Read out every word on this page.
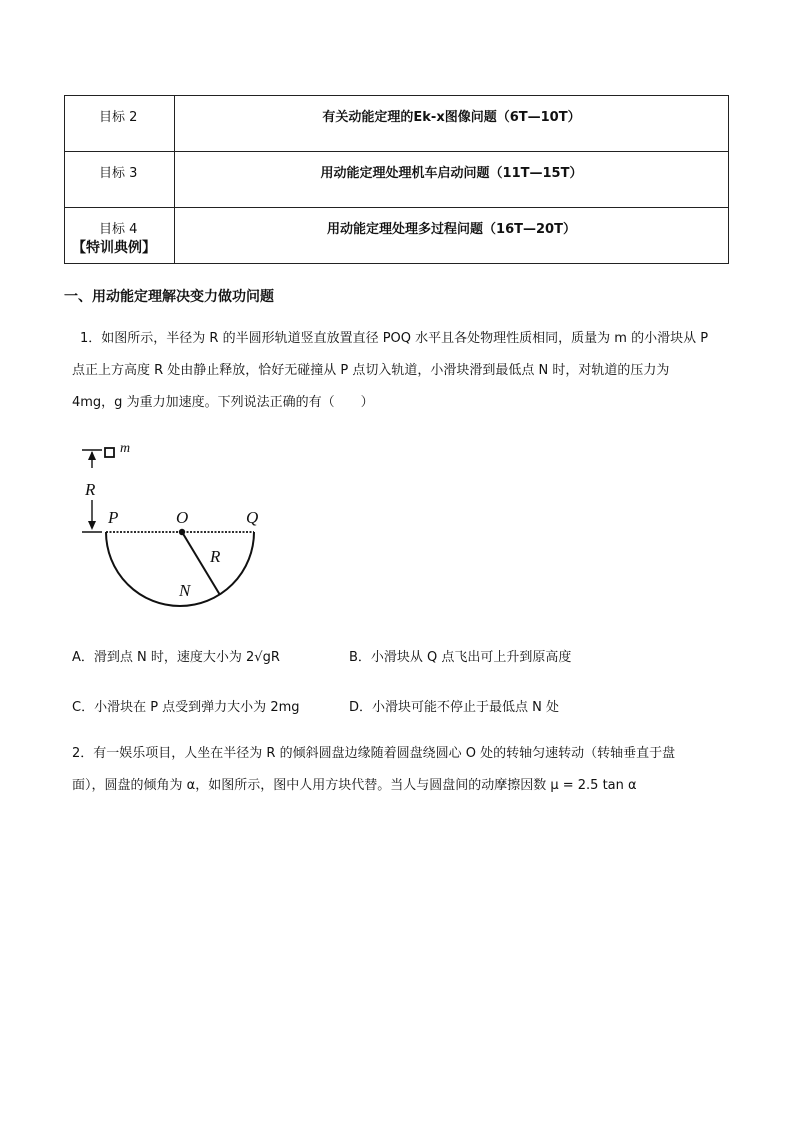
目标 2	有关动能定理的Ek-x图像问题（6T—10T）
目标 3	用动能定理处理机车启动问题（11T—15T）
目标 4	用动能定理处理多过程问题（16T—20T）
【特训典例】
一、用动能定理解决变力做功问题
1．如图所示，半径为 R 的半圆形轨道竖直放置直径 POQ 水平且各处物理性质相同，质量为 m 的小滑块从 P
点正上方高度 R 处由静止释放，恰好无碰撞从 P 点切入轨道，小滑块滑到最低点 N 时，对轨道的压力为
4mg，g 为重力加速度。下列说法正确的有（　　）
m
R
P	O	Q
R
N
A．滑到点 N 时，速度大小为 2√gR	B．小滑块从 Q 点飞出可上升到原高度
C．小滑块在 P 点受到弹力大小为 2mg	D．小滑块可能不停止于最低点 N 处
2．有一娱乐项目，人坐在半径为 R 的倾斜圆盘边缘随着圆盘绕圆心 O 处的转轴匀速转动（转轴垂直于盘
面），圆盘的倾角为 α，如图所示，图中人用方块代替。当人与圆盘间的动摩擦因数 μ = 2.5 tan α
